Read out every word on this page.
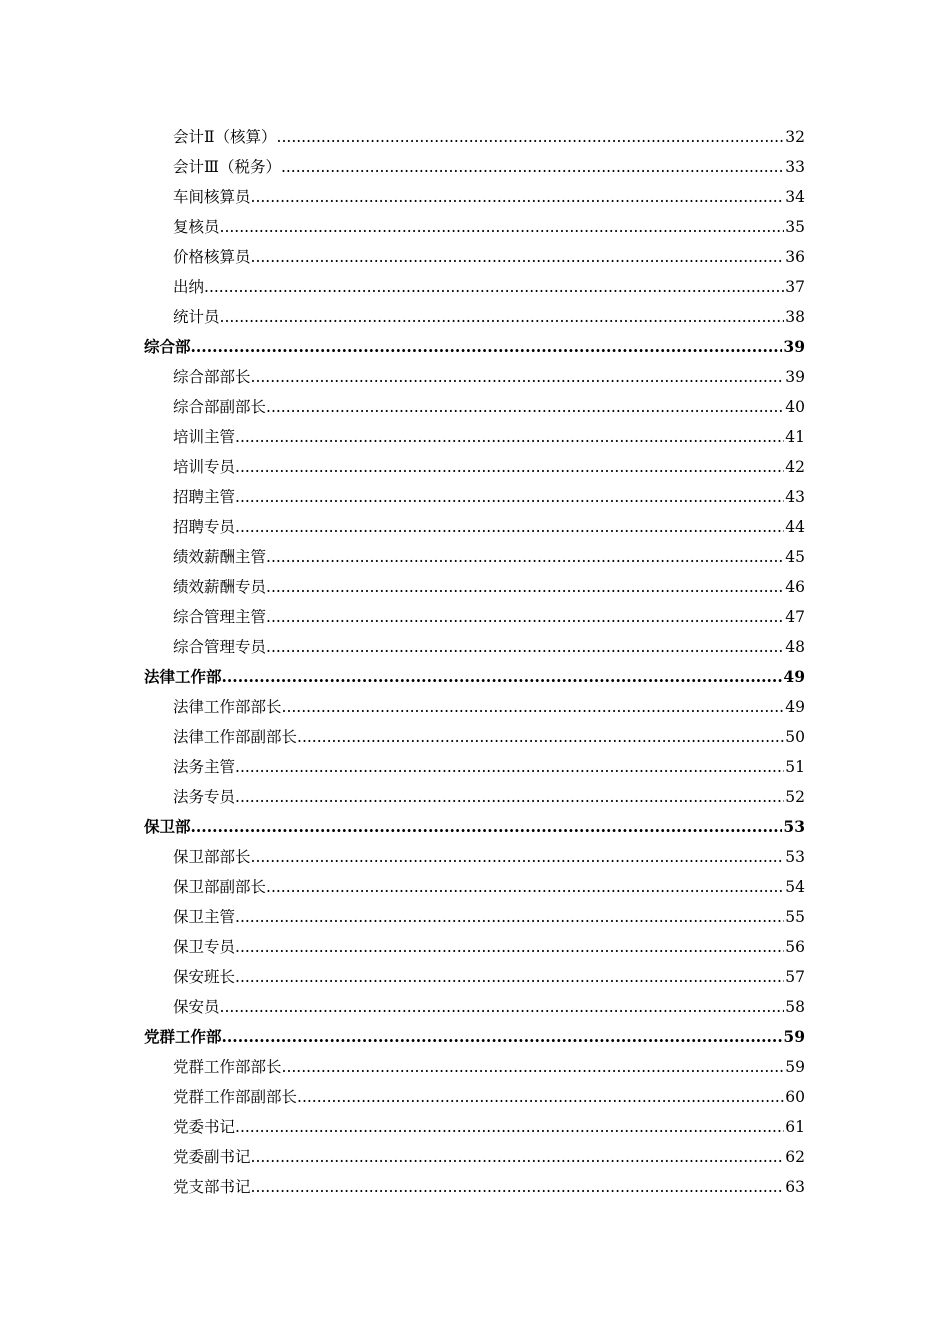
会计Ⅱ（核算） .....	32
会计Ⅲ（税务） .....	33
车间核算员 .....	34
复核员 .....	35
价格核算员 .....	36
出纳 .....	37
统计员 .....	38
综合部 .....	39
综合部部长 .....	39
综合部副部长 .....	40
培训主管 .....	41
培训专员 .....	42
招聘主管 .....	43
招聘专员 .....	44
绩效薪酬主管 .....	45
绩效薪酬专员 .....	46
综合管理主管 .....	47
综合管理专员 .....	48
法律工作部 .....	49
法律工作部部长 .....	49
法律工作部副部长 .....	50
法务主管 .....	51
法务专员 .....	52
保卫部 .....	53
保卫部部长 .....	53
保卫部副部长 .....	54
保卫主管 .....	55
保卫专员 .....	56
保安班长 .....	57
保安员 .....	58
党群工作部 .....	59
党群工作部部长 .....	59
党群工作部副部长 .....	60
党委书记 .....	61
党委副书记 .....	62
党支部书记 .....	63
